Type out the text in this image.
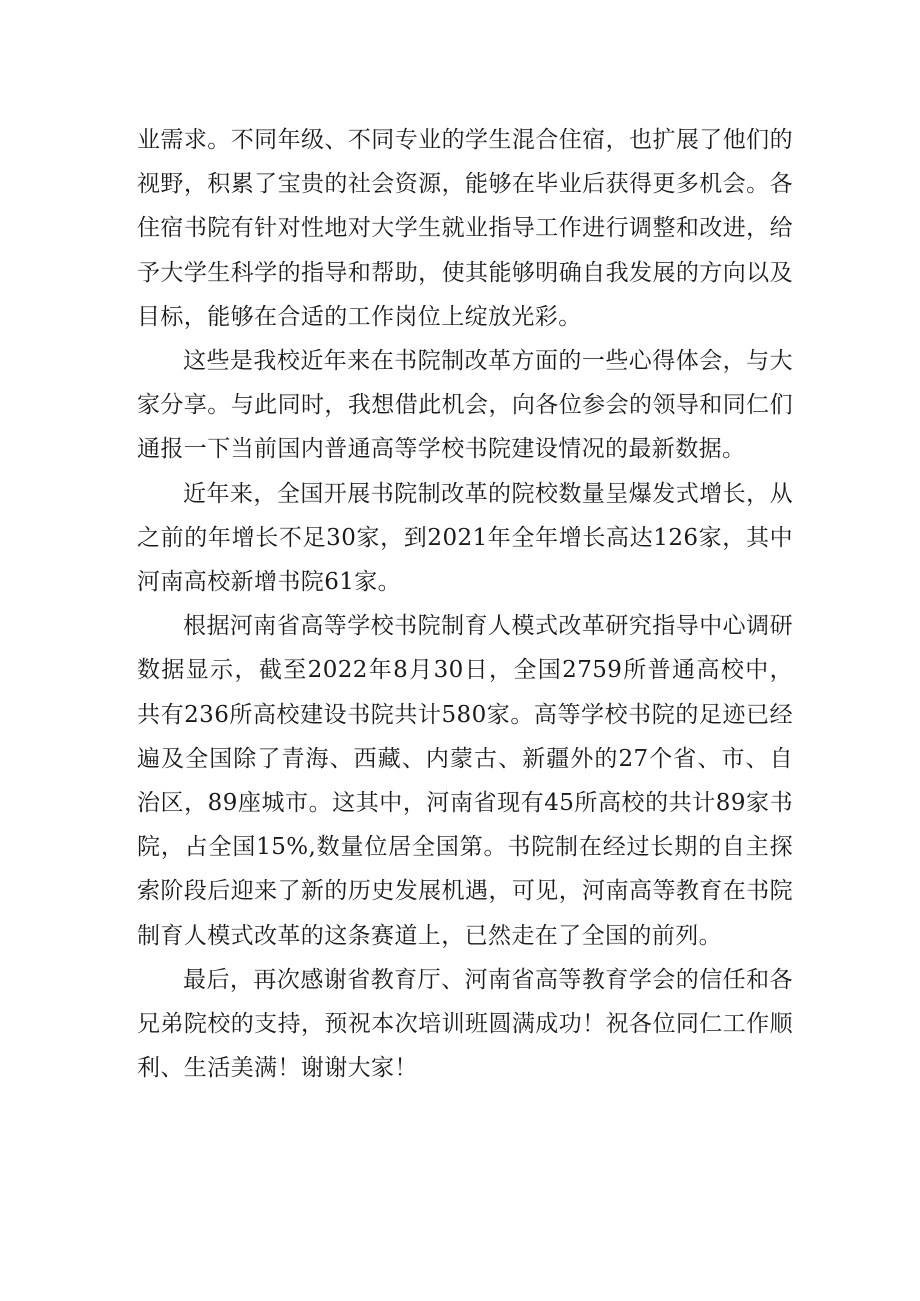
业需求。不同年级、不同专业的学生混合住宿，也扩展了他们的视野，积累了宝贵的社会资源，能够在毕业后获得更多机会。各住宿书院有针对性地对大学生就业指导工作进行调整和改进，给予大学生科学的指导和帮助，使其能够明确自我发展的方向以及目标，能够在合适的工作岗位上绽放光彩。

这些是我校近年来在书院制改革方面的一些心得体会，与大家分享。与此同时，我想借此机会，向各位参会的领导和同仁们通报一下当前国内普通高等学校书院建设情况的最新数据。

近年来，全国开展书院制改革的院校数量呈爆发式增长，从之前的年增长不足30家，到2021年全年增长高达126家，其中河南高校新增书院61家。

根据河南省高等学校书院制育人模式改革研究指导中心调研数据显示，截至2022年8月30日，全国2759所普通高校中，共有236所高校建设书院共计580家。高等学校书院的足迹已经遍及全国除了青海、西藏、内蒙古、新疆外的27个省、市、自治区，89座城市。这其中，河南省现有45所高校的共计89家书院，占全国15%,数量位居全国第。书院制在经过长期的自主探索阶段后迎来了新的历史发展机遇，可见，河南高等教育在书院制育人模式改革的这条赛道上，已然走在了全国的前列。

最后，再次感谢省教育厅、河南省高等教育学会的信任和各兄弟院校的支持，预祝本次培训班圆满成功！祝各位同仁工作顺利、生活美满！谢谢大家！
